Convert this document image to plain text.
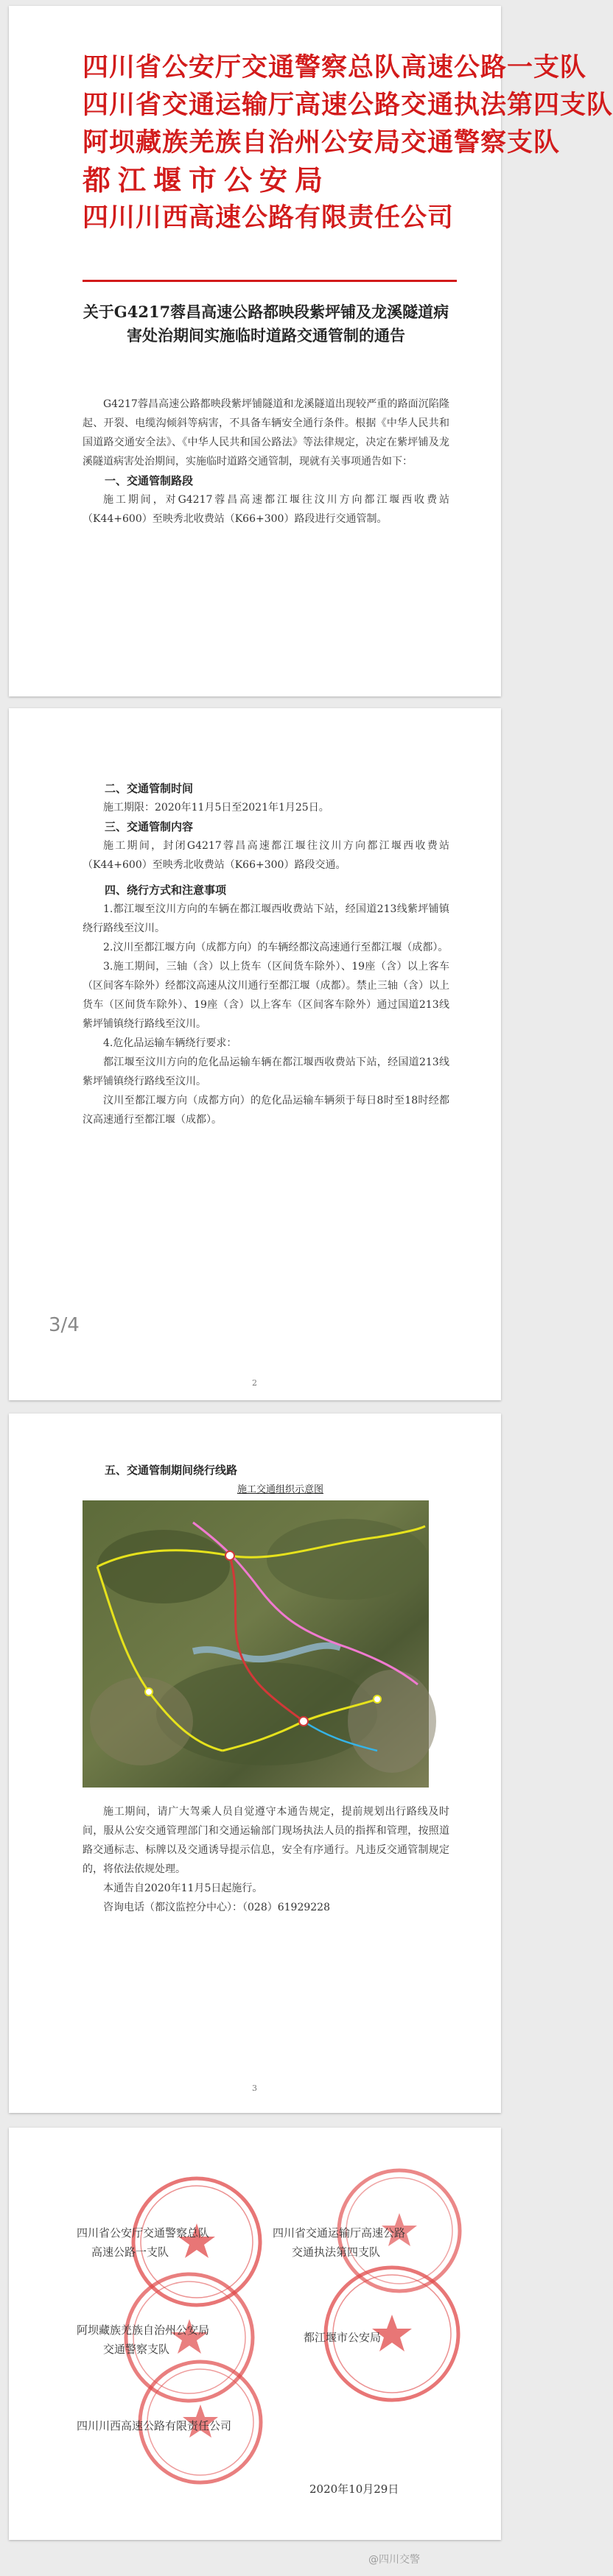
四川省公安厅交通警察总队高速公路一支队
四川省交通运输厅高速公路交通执法第四支队
阿坝藏族羌族自治州公安局交通警察支队
都江堰市公安局
四川川西高速公路有限责任公司
关于G4217蓉昌高速公路都映段紫坪铺及龙溪隧道病害处治期间实施临时道路交通管制的通告

G4217蓉昌高速公路都映段紫坪铺隧道和龙溪隧道出现较严重的路面沉陷隆起、开裂、电缆沟倾斜等病害，不具备车辆安全通行条件。根据《中华人民共和国道路交通安全法》、《中华人民共和国公路法》等法律规定，决定在紫坪铺及龙溪隧道病害处治期间，实施临时道路交通管制，现就有关事项通告如下：

一、交通管制路段

施工期间，对G4217蓉昌高速都江堰往汶川方向都江堰西收费站（K44+600）至映秀北收费站（K66+300）路段进行交通管制。

二、交通管制时间

施工期限：2020年11月5日至2021年1月25日。

三、交通管制内容

施工期间，封闭G4217蓉昌高速都江堰往汶川方向都江堰西收费站（K44+600）至映秀北收费站（K66+300）路段交通。

四、绕行方式和注意事项

1.都江堰至汶川方向的车辆在都江堰西收费站下站，经国道213线紫坪铺镇绕行路线至汶川。

2.汶川至都江堰方向（成都方向）的车辆经都汶高速通行至都江堰（成都）。

3.施工期间，三轴（含）以上货车（区间货车除外）、19座（含）以上客车（区间客车除外）经都汶高速从汶川通行至都江堰（成都）。禁止三轴（含）以上货车（区间货车除外）、19座（含）以上客车（区间客车除外）通过国道213线紫坪铺镇绕行路线至汶川。

4.危化品运输车辆绕行要求：

都江堰至汶川方向的危化品运输车辆在都江堰西收费站下站，经国道213线紫坪铺镇绕行路线至汶川。

汶川至都江堰方向（成都方向）的危化品运输车辆须于每日8时至18时经都汶高速通行至都江堰（成都）。

2
3/4

五、交通管制期间绕行线路

施工交通组织示意图

施工期间，请广大驾乘人员自觉遵守本通告规定，提前规划出行路线及时间，服从公安交通管理部门和交通运输部门现场执法人员的指挥和管理，按照道路交通标志、标牌以及交通诱导提示信息，安全有序通行。凡违反交通管制规定的，将依法依规处理。

本通告自2020年11月5日起施行。

咨询电话（都汶监控分中心）：（028）61929228

3
四川省公安厅交通警察总队
高速公路一支队
四川省交通运输厅高速公路
交通执法第四支队
阿坝藏族羌族自治州公安局
交通警察支队
都江堰市公安局
四川川西高速公路有限责任公司
2020年10月29日
@四川交警
